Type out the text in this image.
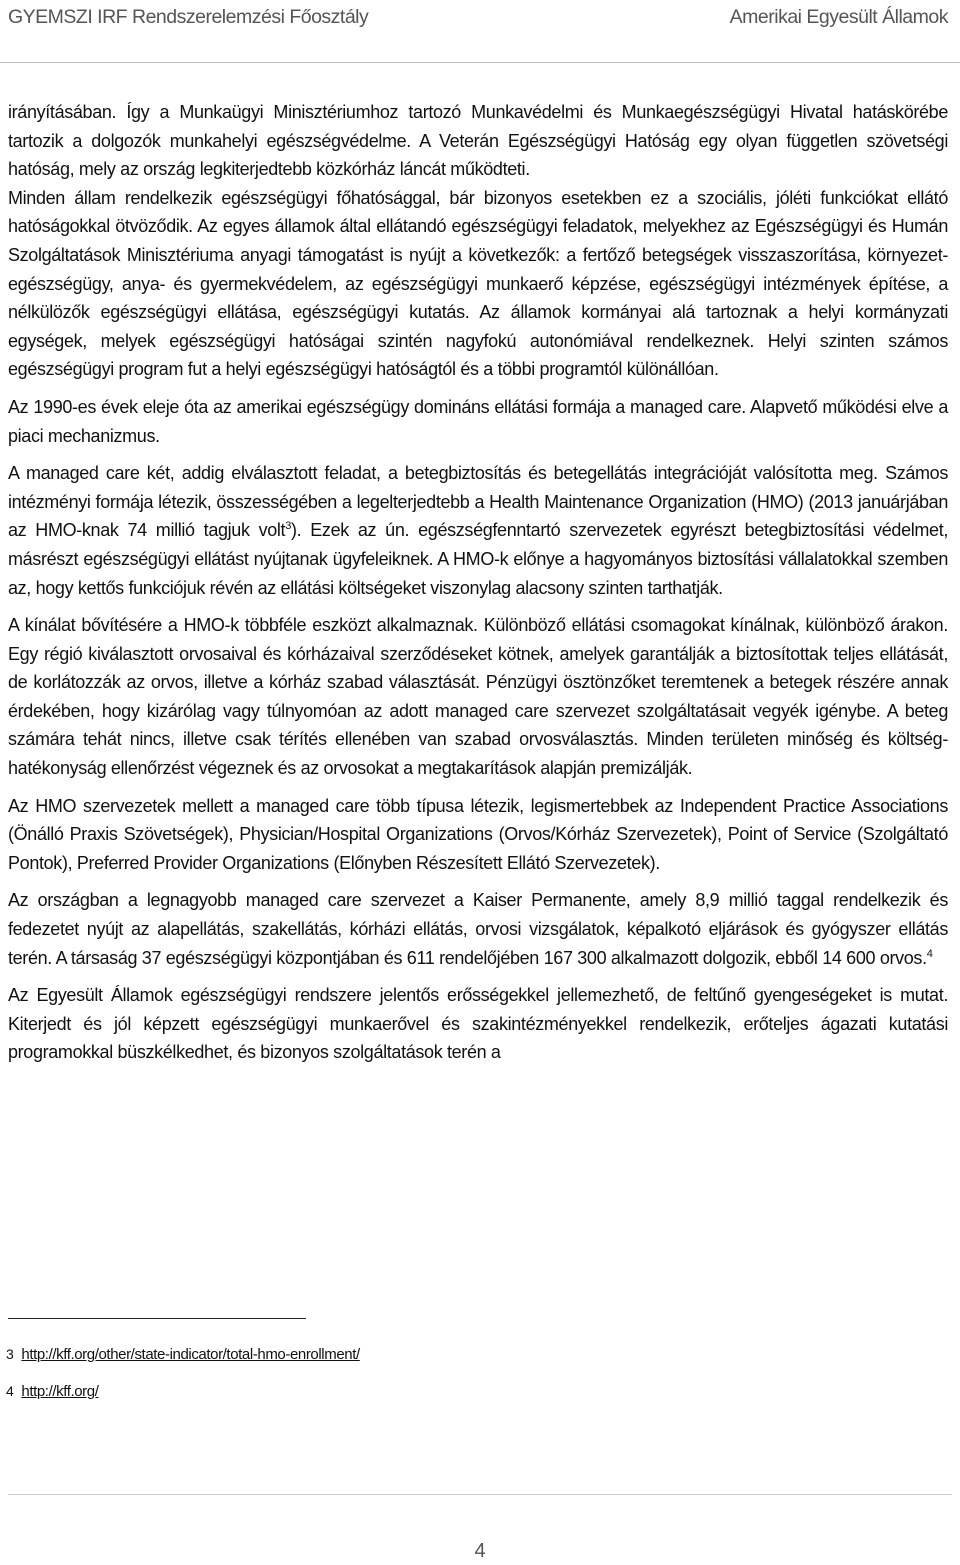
GYEMSZI IRF Rendszerelemzési Főosztály	Amerikai Egyesült Államok

irányításában. Így a Munkaügyi Minisztériumhoz tartozó Munkavédelmi és Munkaegészségügyi Hivatal hatáskörébe tartozik a dolgozók munkahelyi egészségvédelme. A Veterán Egészségügyi Hatóság egy olyan független szövetségi hatóság, mely az ország legkiterjedtebb közkórház láncát működteti.

Minden állam rendelkezik egészségügyi főhatósággal, bár bizonyos esetekben ez a szociális, jóléti funkciókat ellátó hatóságokkal ötvöződik. Az egyes államok által ellátandó egészségügyi feladatok, melyekhez az Egészségügyi és Humán Szolgáltatások Minisztériuma anyagi támogatást is nyújt a következők: a fertőző betegségek visszaszorítása, környezet-egészségügy, anya- és gyermekvédelem, az egészségügyi munkaerő képzése, egészségügyi intézmények építése, a nélkülözők egészségügyi ellátása, egészségügyi kutatás. Az államok kormányai alá tartoznak a helyi kormányzati egységek, melyek egészségügyi hatóságai szintén nagyfokú autonómiával rendelkeznek. Helyi szinten számos egészségügyi program fut a helyi egészségügyi hatóságtól és a többi programtól különállóan.

Az 1990-es évek eleje óta az amerikai egészségügy domináns ellátási formája a managed care. Alapvető működési elve a piaci mechanizmus.

A managed care két, addig elválasztott feladat, a betegbiztosítás és betegellátás integrációját valósította meg. Számos intézményi formája létezik, összességében a legelterjedtebb a Health Maintenance Organization (HMO) (2013 januárjában az HMO-knak 74 millió tagjuk volt$^3$). Ezek az ún. egészségfenntartó szervezetek egyrészt betegbiztosítási védelmet, másrészt egészségügyi ellátást nyújtanak ügyfeleiknek. A HMO-k előnye a hagyományos biztosítási vállalatokkal szemben az, hogy kettős funkciójuk révén az ellátási költségeket viszonylag alacsony szinten tarthatják.

A kínálat bővítésére a HMO-k többféle eszközt alkalmaznak. Különböző ellátási csomagokat kínálnak, különböző árakon. Egy régió kiválasztott orvosaival és kórházaival szerződéseket kötnek, amelyek garantálják a biztosítottak teljes ellátását, de korlátozzák az orvos, illetve a kórház szabad választását. Pénzügyi ösztönzőket teremtenek a betegek részére annak érdekében, hogy kizárólag vagy túlnyomóan az adott managed care szervezet szolgáltatásait vegyék igénybe. A beteg számára tehát nincs, illetve csak térítés ellenében van szabad orvosválasztás. Minden területen minőség és költség-hatékonyság ellenőrzést végeznek és az orvosokat a megtakarítások alapján premizálják.

Az HMO szervezetek mellett a managed care több típusa létezik, legismertebbek az Independent Practice Associations (Önálló Praxis Szövetségek), Physician/Hospital Organizations (Orvos/Kórház Szervezetek), Point of Service (Szolgáltató Pontok), Preferred Provider Organizations (Előnyben Részesített Ellátó Szervezetek).

Az országban a legnagyobb managed care szervezet a Kaiser Permanente, amely 8,9 millió taggal rendelkezik és fedezetet nyújt az alapellátás, szakellátás, kórházi ellátás, orvosi vizsgálatok, képalkotó eljárások és gyógyszer ellátás terén. A társaság 37 egészségügyi központjában és 611 rendelőjében 167 300 alkalmazott dolgozik, ebből 14 600 orvos.$^4$

Az Egyesült Államok egészségügyi rendszere jelentős erősségekkel jellemezhető, de feltűnő gyengeségeket is mutat. Kiterjedt és jól képzett egészségügyi munkaerővel és szakintézményekkel rendelkezik, erőteljes ágazati kutatási programokkal büszkélkedhet, és bizonyos szolgáltatások terén a

3 http://kff.org/other/state-indicator/total-hmo-enrollment/

4 http://kff.org/

4
